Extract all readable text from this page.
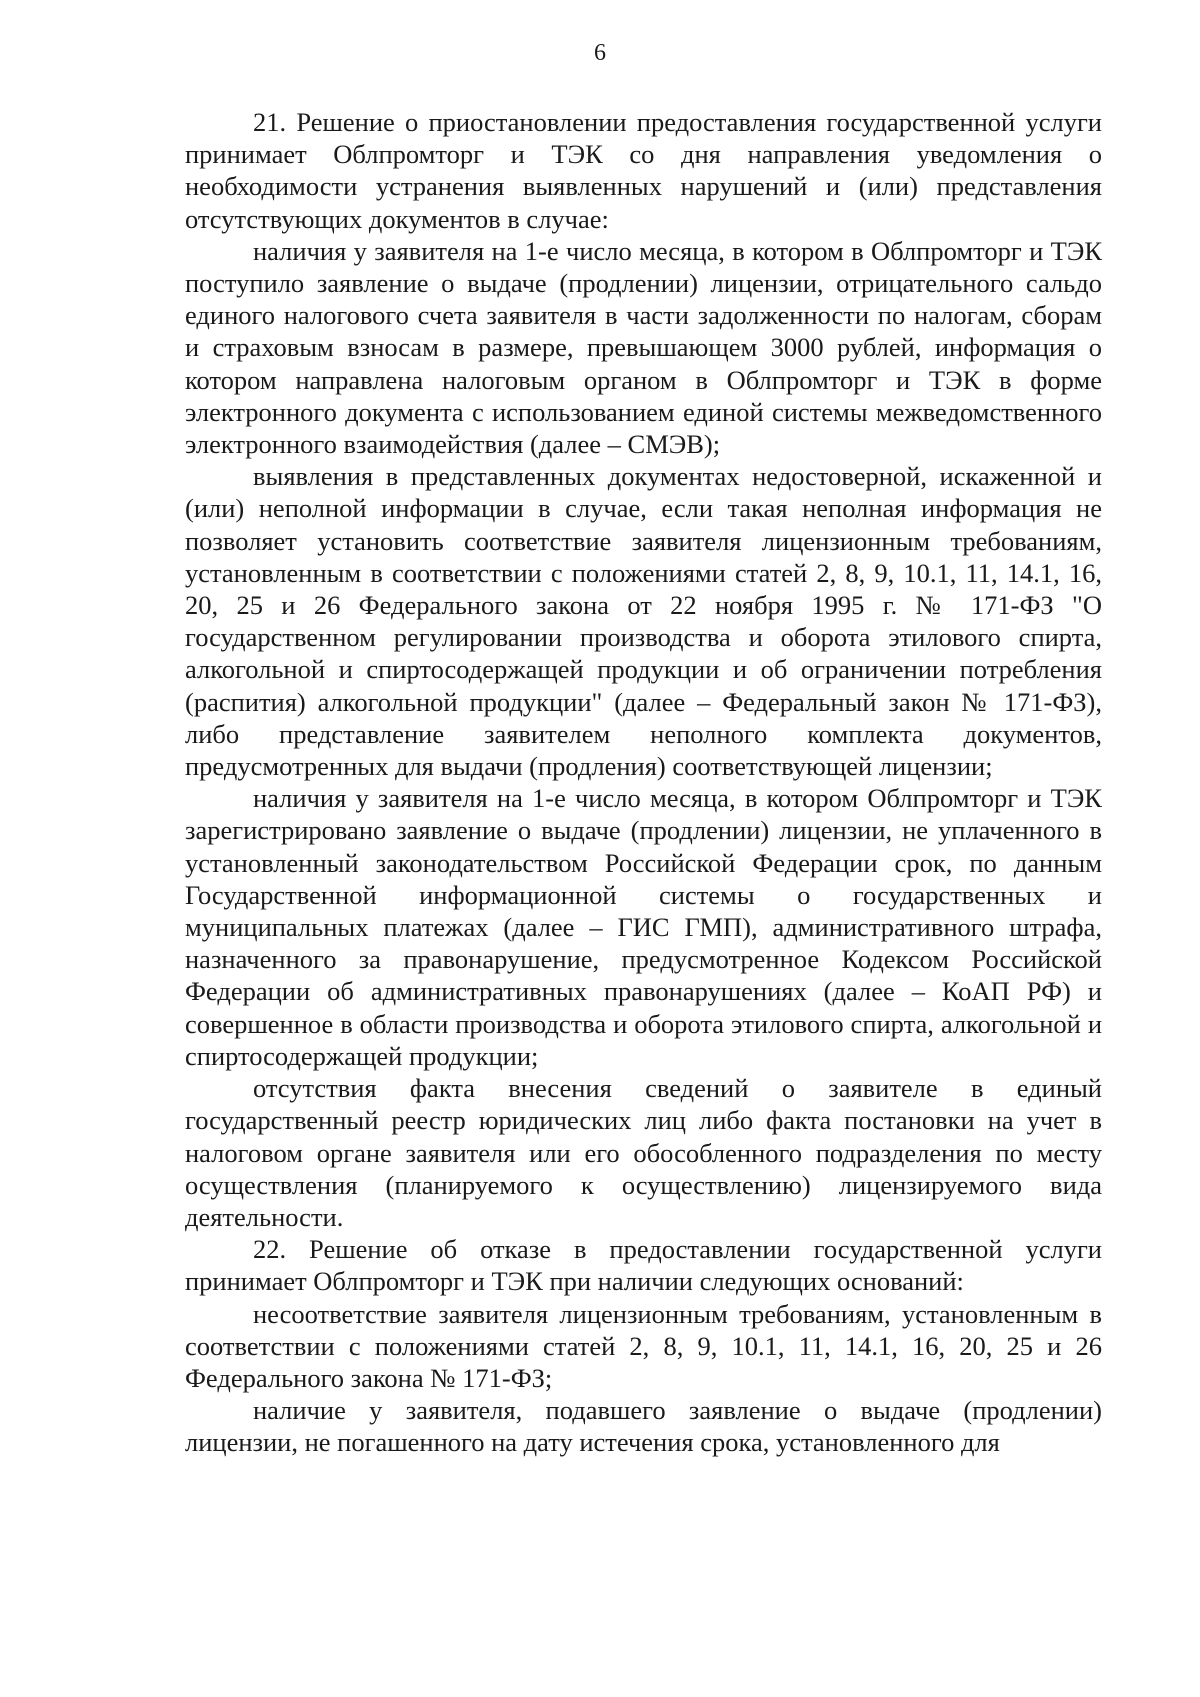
6

21. Решение о приостановлении предоставления государственной услуги принимает Облпромторг и ТЭК со дня направления уведомления о необходимости устранения выявленных нарушений и (или) представления отсутствующих документов в случае:

наличия у заявителя на 1-е число месяца, в котором в Облпромторг и ТЭК поступило заявление о выдаче (продлении) лицензии, отрицательного сальдо единого налогового счета заявителя в части задолженности по налогам, сборам и страховым взносам в размере, превышающем 3000 рублей, информация о котором направлена налоговым органом в Облпромторг и ТЭК в форме электронного документа с использованием единой системы межведомственного электронного взаимодействия (далее – СМЭВ);

выявления в представленных документах недостоверной, искаженной и (или) неполной информации в случае, если такая неполная информация не позволяет установить соответствие заявителя лицензионным требованиям, установленным в соответствии с положениями статей 2, 8, 9, 10.1, 11, 14.1, 16, 20, 25 и 26 Федерального закона от 22 ноября 1995 г. № 171-ФЗ "О государственном регулировании производства и оборота этилового спирта, алкогольной и спиртосодержащей продукции и об ограничении потребления (распития) алкогольной продукции" (далее – Федеральный закон № 171-ФЗ), либо представление заявителем неполного комплекта документов, предусмотренных для выдачи (продления) соответствующей лицензии;

наличия у заявителя на 1-е число месяца, в котором Облпромторг и ТЭК зарегистрировано заявление о выдаче (продлении) лицензии, не уплаченного в установленный законодательством Российской Федерации срок, по данным Государственной информационной системы о государственных и муниципальных платежах (далее – ГИС ГМП), административного штрафа, назначенного за правонарушение, предусмотренное Кодексом Российской Федерации об административных правонарушениях (далее – КоАП РФ) и совершенное в области производства и оборота этилового спирта, алкогольной и спиртосодержащей продукции;

отсутствия факта внесения сведений о заявителе в единый государственный реестр юридических лиц либо факта постановки на учет в налоговом органе заявителя или его обособленного подразделения по месту осуществления (планируемого к осуществлению) лицензируемого вида деятельности.

22. Решение об отказе в предоставлении государственной услуги принимает Облпромторг и ТЭК при наличии следующих оснований:

несоответствие заявителя лицензионным требованиям, установленным в соответствии с положениями статей 2, 8, 9, 10.1, 11, 14.1, 16, 20, 25 и 26 Федерального закона № 171-ФЗ;

наличие у заявителя, подавшего заявление о выдаче (продлении) лицензии, не погашенного на дату истечения срока, установленного для
